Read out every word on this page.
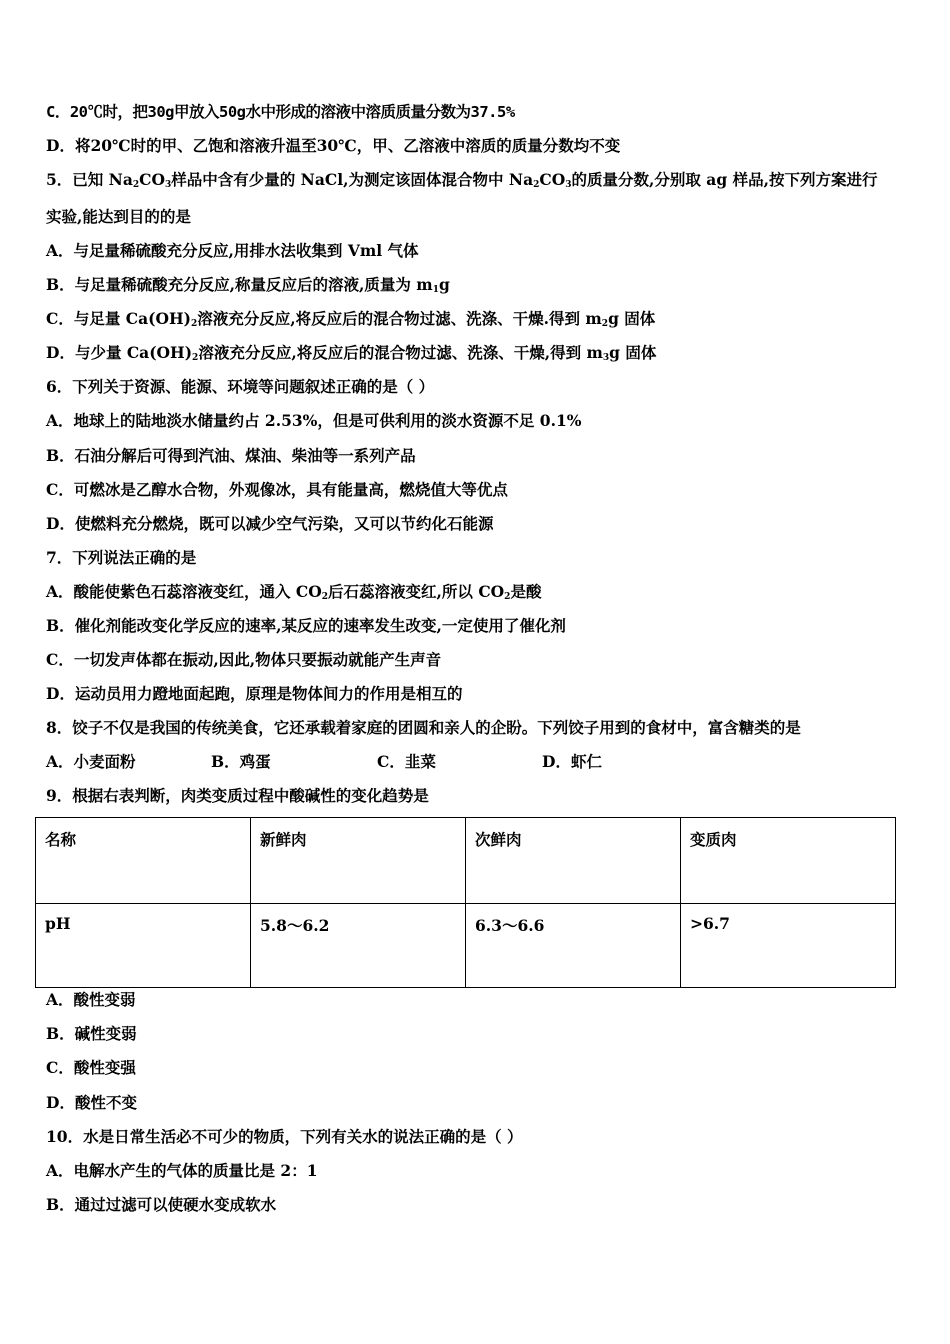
C．20℃时，把30g甲放入50g水中形成的溶液中溶质质量分数为37.5%
D．将20℃时的甲、乙饱和溶液升温至30℃，甲、乙溶液中溶质的质量分数均不变
5．已知 $Na_2CO_3$样品中含有少量的 NaCl,为测定该固体混合物中 $Na_2CO_3$的质量分数,分别取 ag 样品,按下列方案进行
实验,能达到目的的是
A．与足量稀硫酸充分反应,用排水法收集到 Vml 气体
B．与足量稀硫酸充分反应,称量反应后的溶液,质量为 $m_1g$
C．与足量 $Ca(OH)_2$溶液充分反应,将反应后的混合物过滤、洗涤、干燥.得到 $m_2g$ 固体
D．与少量 $Ca(OH)_2$溶液充分反应,将反应后的混合物过滤、洗涤、干燥,得到 $m_3g$ 固体
6．下列关于资源、能源、环境等问题叙述正确的是（ ）
A．地球上的陆地淡水储量约占 2.53%，但是可供利用的淡水资源不足 0.1%
B．石油分解后可得到汽油、煤油、柴油等一系列产品
C．可燃冰是乙醇水合物，外观像冰，具有能量高，燃烧值大等优点
D．使燃料充分燃烧，既可以减少空气污染，又可以节约化石能源
7．下列说法正确的是
A．酸能使紫色石蕊溶液变红，通入 $CO_2$后石蕊溶液变红,所以 $CO_2$是酸
B．催化剂能改变化学反应的速率,某反应的速率发生改变,一定使用了催化剂
C．一切发声体都在振动,因此,物体只要振动就能产生声音
D．运动员用力蹬地面起跑，原理是物体间力的作用是相互的
8．饺子不仅是我国的传统美食，它还承载着家庭的团圆和亲人的企盼。下列饺子用到的食材中，富含糖类的是
A．小麦面粉	B．鸡蛋	C．韭菜	D．虾仁
9．根据右表判断，肉类变质过程中酸碱性的变化趋势是
名称	新鲜肉	次鲜肉	变质肉
pH	5.8～6.2	6.3～6.6	>6.7
A．酸性变弱
B．碱性变弱
C．酸性变强
D．酸性不变
10．水是日常生活必不可少的物质，下列有关水的说法正确的是（ ）
A．电解水产生的气体的质量比是 2：1
B．通过过滤可以使硬水变成软水
